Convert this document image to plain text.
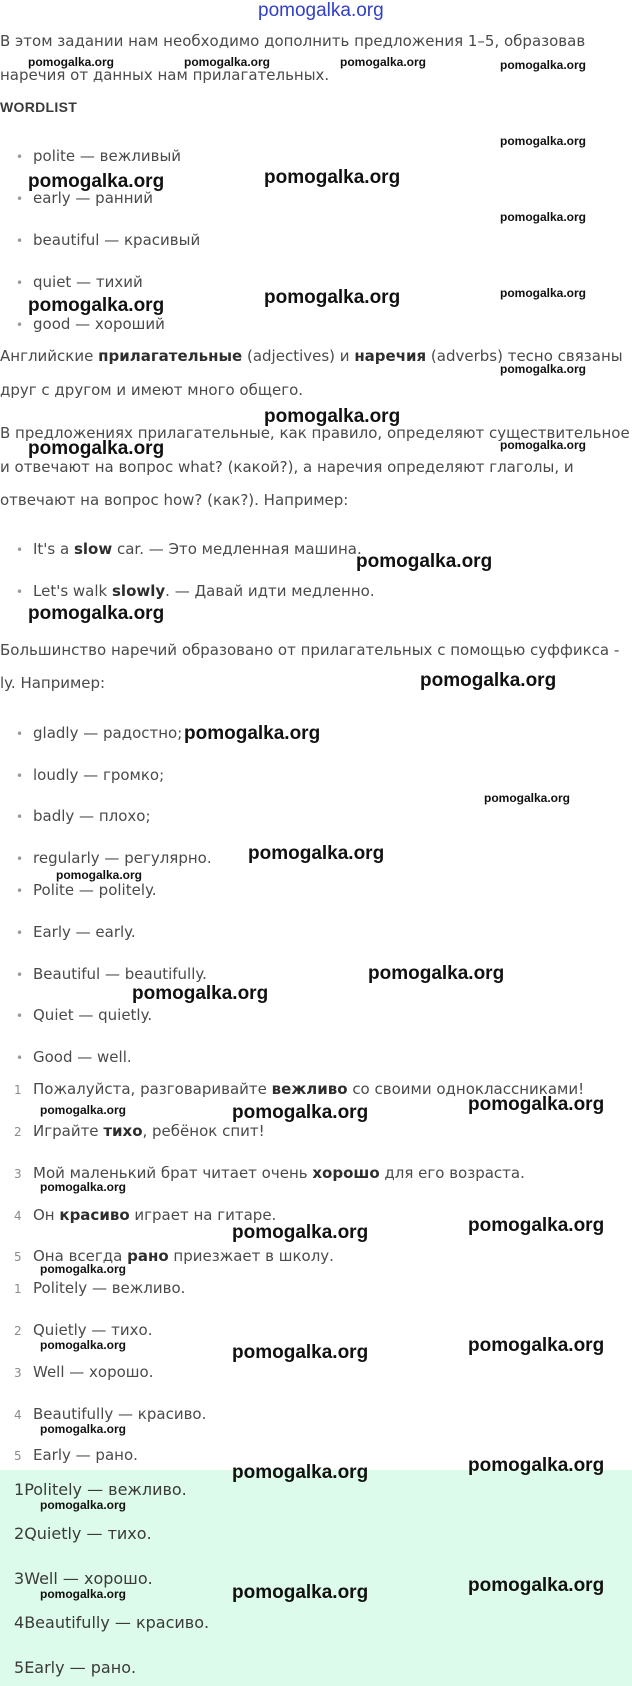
pomogalka.org
В этом задании нам необходимо дополнить предложения 1–5, образовав
наречия от данных нам прилагательных.
WORDLIST
• polite — вежливый
• early — ранний
• beautiful — красивый
• quiet — тихий
• good — хороший
Английские прилагательные (adjectives) и наречия (adverbs) тесно связаны
друг с другом и имеют много общего.
В предложениях прилагательные, как правило, определяют существительное
и отвечают на вопрос what? (какой?), а наречия определяют глаголы, и
отвечают на вопрос how? (как?). Например:
• It's a slow car. — Это медленная машина.
• Let's walk slowly. — Давай идти медленно.
Большинство наречий образовано от прилагательных с помощью суффикса -
ly. Например:
• gladly — радостно;
• loudly — громко;
• badly — плохо;
• regularly — регулярно.
• Polite — politely.
• Early — early.
• Beautiful — beautifully.
• Quiet — quietly.
• Good — well.
1 Пожалуйста, разговаривайте вежливо со своими одноклассниками!
2 Играйте тихо, ребёнок спит!
3 Мой маленький брат читает очень хорошо для его возраста.
4 Он красиво играет на гитаре.
5 Она всегда рано приезжает в школу.
1 Politely — вежливо.
2 Quietly — тихо.
3 Well — хорошо.
4 Beautifully — красиво.
5 Early — рано.
1Politely — вежливо.
2Quietly — тихо.
3Well — хорошо.
4Beautifully — красиво.
5Early — рано.
pomogalka.org	pomogalka.org	pomogalka.org	pomogalka.org
pomogalka.org
pomogalka.org	pomogalka.org
pomogalka.org
pomogalka.org	pomogalka.org	pomogalka.org
pomogalka.org
pomogalka.org
pomogalka.org
pomogalka.org
pomogalka.org
pomogalka.org
pomogalka.org
pomogalka.org
pomogalka.org
pomogalka.org
pomogalka.org
pomogalka.org
pomogalka.org
pomogalka.org
pomogalka.org	pomogalka.org
pomogalka.org
pomogalka.org
pomogalka.org
pomogalka.org
pomogalka.org
pomogalka.org	pomogalka.org
pomogalka.org
pomogalka.org
pomogalka.org
pomogalka.org
pomogalka.org
pomogalka.org	pomogalka.org
